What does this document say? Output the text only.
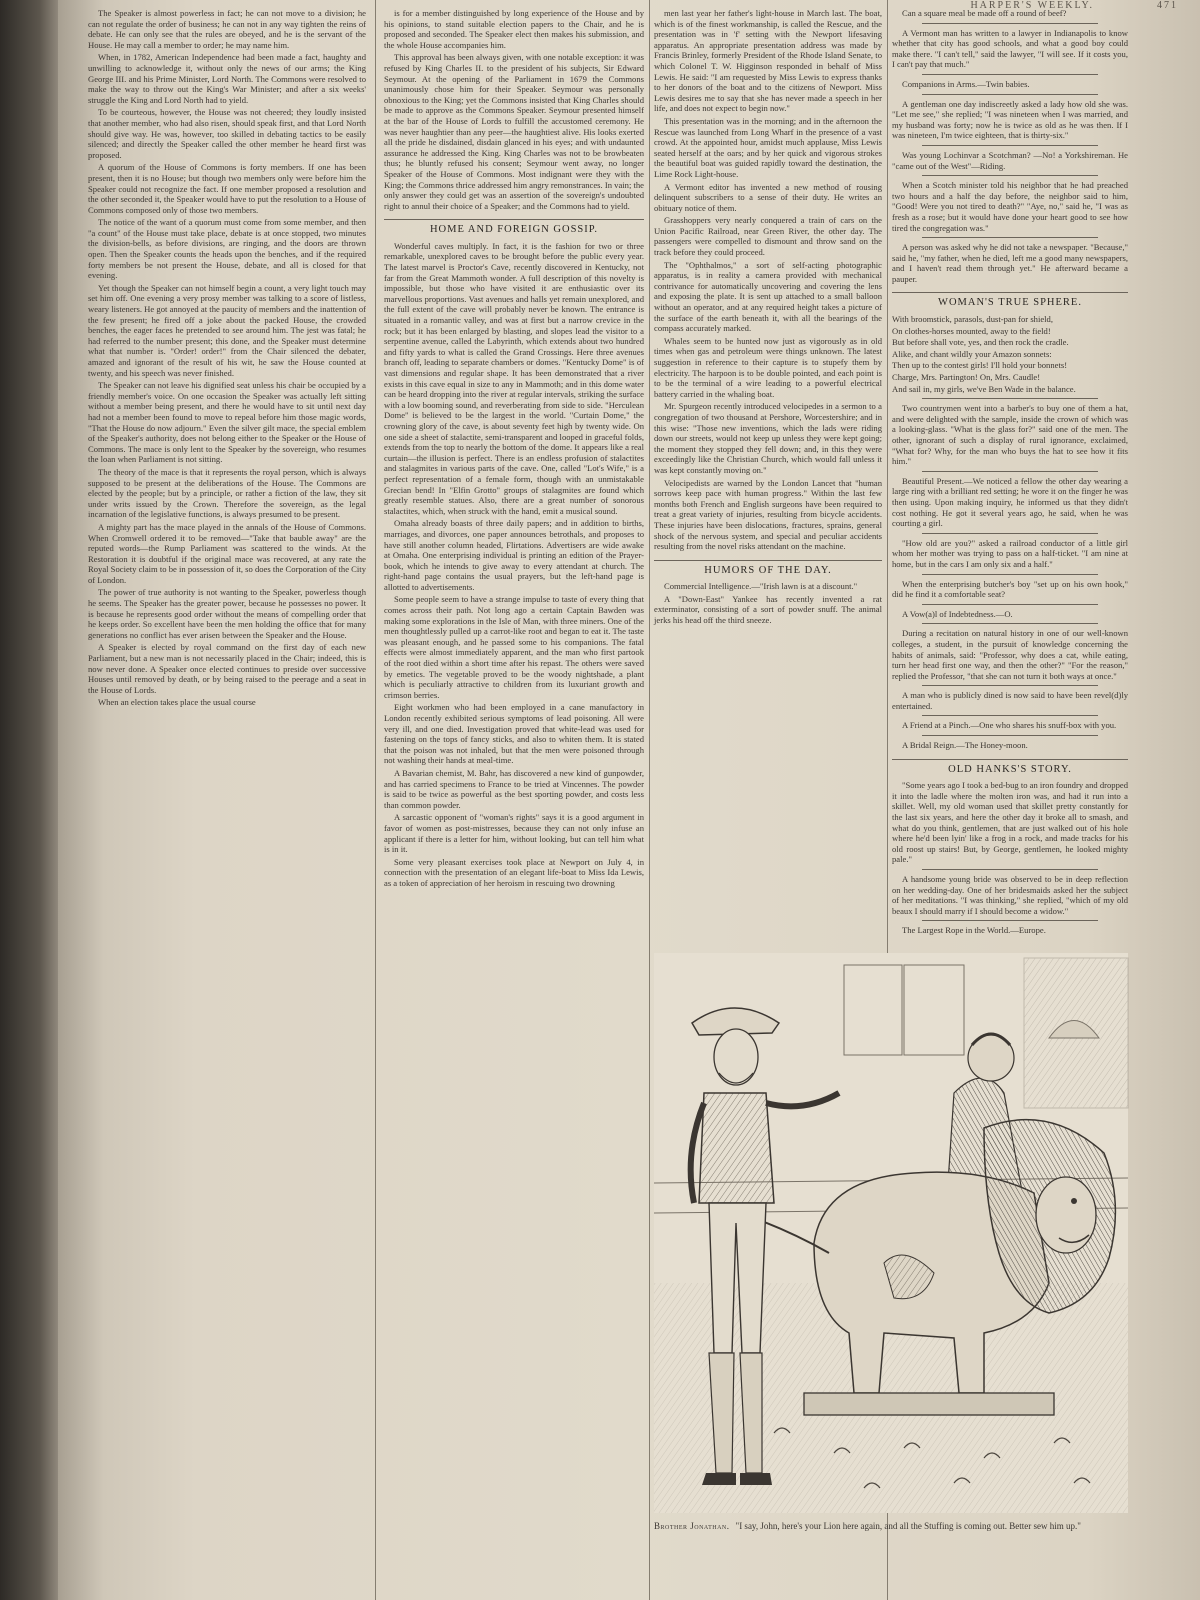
HARPER'S WEEKLY.	471

The Speaker is almost powerless in fact; he can not move to a division; he can not regulate the order of business; he can not in any way tighten the reins of debate. He can only see that the rules are obeyed, and he is the servant of the House. He may call a member to order; he may name him.

When, in 1782, American Independence had been made a fact, haughty and unwilling to acknowledge it, without only the news of our arms; the King George III. and his Prime Minister, Lord North. The Commons were resolved to make the way to throw out the King's War Minister; and after a six weeks' struggle the King and Lord North had to yield.

To be courteous, however, the House was not cheered; they loudly insisted that another member, who had also risen, should speak first, and that Lord North should give way. He was, however, too skilled in debating tactics to be easily silenced; and directly the Speaker called the other member he heard first was proposed.

A quorum of the House of Commons is forty members. If one has been present, then it is no House; but though two members only were before him the Speaker could not recognize the fact. If one member proposed a resolution and the other seconded it, the Speaker would have to put the resolution to a House of Commons composed only of those two members.

The notice of the want of a quorum must come from some member, and then "a count" of the House must take place, debate is at once stopped, two minutes the division-bells, as before divisions, are ringing, and the doors are thrown open. Then the Speaker counts the heads upon the benches, and if the required forty members be not present the House, debate, and all is closed for that evening.

Yet though the Speaker can not himself begin a count, a very light touch may set him off. One evening a very prosy member was talking to a score of listless, weary listeners. He got annoyed at the paucity of members and the inattention of the few present; he fired off a joke about the packed House, the crowded benches, the eager faces he pretended to see around him. The jest was fatal; he had referred to the number present; this done, and the Speaker must determine what that number is. "Order! order!" from the Chair silenced the debater, amazed and ignorant of the result of his wit, he saw the House counted at twenty, and his speech was never finished.

The Speaker can not leave his dignified seat unless his chair be occupied by a friendly member's voice. On one occasion the Speaker was actually left sitting without a member being present, and there he would have to sit until next day had not a member been found to move to repeal before him those magic words, "That the House do now adjourn." Even the silver gilt mace, the special emblem of the Speaker's authority, does not belong either to the Speaker or the House of Commons. The mace is only lent to the Speaker by the sovereign, who resumes the loan when Parliament is not sitting.

The theory of the mace is that it represents the royal person, which is always supposed to be present at the deliberations of the House. The Commons are elected by the people; but by a principle, or rather a fiction of the law, they sit under writs issued by the Crown. Therefore the sovereign, as the legal incarnation of the legislative functions, is always presumed to be present.

A mighty part has the mace played in the annals of the House of Commons. When Cromwell ordered it to be removed—"Take that bauble away" are the reputed words—the Rump Parliament was scattered to the winds. At the Restoration it is doubtful if the original mace was recovered, at any rate the Royal Society claim to be in possession of it, so does the Corporation of the City of London.

The power of true authority is not wanting to the Speaker, powerless though he seems. The Speaker has the greater power, because he possesses no power. It is because he represents good order without the means of compelling order that he keeps order. So excellent have been the men holding the office that for many generations no conflict has ever arisen between the Speaker and the House.

A Speaker is elected by royal command on the first day of each new Parliament, but a new man is not necessarily placed in the Chair; indeed, this is now never done. A Speaker once elected continues to preside over successive Houses until removed by death, or by being raised to the peerage and a seat in the House of Lords.

When an election takes place the usual course

is for a member distinguished by long experience of the House and by his opinions, to stand suitable election papers to the Chair, and he is proposed and seconded. The Speaker elect then makes his submission, and the whole House accompanies him.

This approval has been always given, with one notable exception: it was refused by King Charles II. to the president of his subjects, Sir Edward Seymour. At the opening of the Parliament in 1679 the Commons unanimously chose him for their Speaker. Seymour was personally obnoxious to the King; yet the Commons insisted that King Charles should be made to approve as the Commons Speaker. Seymour presented himself at the bar of the House of Lords to fulfill the accustomed ceremony. He was never haughtier than any peer—the haughtiest alive. His looks exerted all the pride he disdained, disdain glanced in his eyes; and with undaunted assurance he addressed the King. King Charles was not to be browbeaten thus; he bluntly refused his consent; Seymour went away, no longer Speaker of the House of Commons. Most indignant were they with the King; the Commons thrice addressed him angry remonstrances. In vain; the only answer they could get was an assertion of the sovereign's undoubted right to annul their choice of a Speaker; and the Commons had to yield.

HOME AND FOREIGN GOSSIP.

Wonderful caves multiply. In fact, it is the fashion for two or three remarkable, unexplored caves to be brought before the public every year. The latest marvel is Proctor's Cave, recently discovered in Kentucky, not far from the Great Mammoth wonder. A full description of this novelty is impossible, but those who have visited it are enthusiastic over its marvellous proportions. Vast avenues and halls yet remain unexplored, and the full extent of the cave will probably never be known. The entrance is situated in a romantic valley, and was at first but a narrow crevice in the rock; but it has been enlarged by blasting, and slopes lead the visitor to a serpentine avenue, called the Labyrinth, which extends about two hundred and fifty yards to what is called the Grand Crossings. Here three avenues branch off, leading to separate chambers or domes. "Kentucky Dome" is of vast dimensions and regular shape. It has been demonstrated that a river exists in this cave equal in size to any in Mammoth; and in this dome water can be heard dropping into the river at regular intervals, striking the surface with a low booming sound, and reverberating from side to side. "Herculean Dome" is believed to be the largest in the world. "Curtain Dome," the crowning glory of the cave, is about seventy feet high by twenty wide. On one side a sheet of stalactite, semi-transparent and looped in graceful folds, extends from the top to nearly the bottom of the dome. It appears like a real curtain—the illusion is perfect. There is an endless profusion of stalactites and stalagmites in various parts of the cave. One, called "Lot's Wife," is a perfect representation of a female form, though with an unmistakable Grecian bend! In "Elfin Grotto" groups of stalagmites are found which greatly resemble statues. Also, there are a great number of sonorous stalactites, which, when struck with the hand, emit a musical sound.

Omaha already boasts of three daily papers; and in addition to births, marriages, and divorces, one paper announces betrothals, and proposes to have still another column headed, Flirtations. Advertisers are wide awake at Omaha. One enterprising individual is printing an edition of the Prayer-book, which he intends to give away to every attendant at church. The right-hand page contains the usual prayers, but the left-hand page is allotted to advertisements.

Some people seem to have a strange impulse to taste of every thing that comes across their path. Not long ago a certain Captain Bawden was making some explorations in the Isle of Man, with three miners. One of the men thoughtlessly pulled up a carrot-like root and began to eat it. The taste was pleasant enough, and he passed some to his companions. The fatal effects were almost immediately apparent, and the man who first partook of the root died within a short time after his repast. The others were saved by emetics. The vegetable proved to be the woody nightshade, a plant which is peculiarly attractive to children from its luxuriant growth and crimson berries.

Eight workmen who had been employed in a cane manufactory in London recently exhibited serious symptoms of lead poisoning. All were very ill, and one died. Investigation proved that white-lead was used for fastening on the tops of fancy sticks, and also to whiten them. It is stated that the poison was not inhaled, but that the men were poisoned through not washing their hands at meal-time.

A Bavarian chemist, M. Bahr, has discovered a new kind of gunpowder, and has carried specimens to France to be tried at Vincennes. The powder is said to be twice as powerful as the best sporting powder, and costs less than common powder.

A sarcastic opponent of "woman's rights" says it is a good argument in favor of women as post-mistresses, because they can not only infuse an applicant if there is a letter for him, without looking, but can tell him what is in it.

Some very pleasant exercises took place at Newport on July 4, in connection with the presentation of an elegant life-boat to Miss Ida Lewis, as a token of appreciation of her heroism in rescuing two drowning

men last year her father's light-house in March last. The boat, which is of the finest workmanship, is called the Rescue, and the presentation was in 'f' setting with the Newport lifesaving apparatus. An appropriate presentation address was made by Francis Brinley, formerly President of the Rhode Island Senate, to which Colonel T. W. Higginson responded in behalf of Miss Lewis. He said: "I am requested by Miss Lewis to express thanks to her donors of the boat and to the citizens of Newport. Miss Lewis desires me to say that she has never made a speech in her life, and does not expect to begin now."

This presentation was in the morning; and in the afternoon the Rescue was launched from Long Wharf in the presence of a vast crowd. At the appointed hour, amidst much applause, Miss Lewis seated herself at the oars; and by her quick and vigorous strokes the beautiful boat was guided rapidly toward the destination, the Lime Rock Light-house.

A Vermont editor has invented a new method of rousing delinquent subscribers to a sense of their duty. He writes an obituary notice of them.

Grasshoppers very nearly conquered a train of cars on the Union Pacific Railroad, near Green River, the other day. The passengers were compelled to dismount and throw sand on the track before they could proceed.

The "Ophthalmos," a sort of self-acting photographic apparatus, is in reality a camera provided with mechanical contrivance for automatically uncovering and covering the lens and exposing the plate. It is sent up attached to a small balloon without an operator, and at any required height takes a picture of the surface of the earth beneath it, with all the bearings of the compass accurately marked.

Whales seem to be hunted now just as vigorously as in old times when gas and petroleum were things unknown. The latest suggestion in reference to their capture is to stupefy them by electricity. The harpoon is to be double pointed, and each point is to be the terminal of a wire leading to a powerful electrical battery carried in the whaling boat.

Mr. Spurgeon recently introduced velocipedes in a sermon to a congregation of two thousand at Pershore, Worcestershire; and in this wise: "Those new inventions, which the lads were riding down our streets, would not keep up unless they were kept going; the moment they stopped they fell down; and, in this they were exceedingly like the Christian Church, which would fall unless it was kept constantly moving on."

Velocipedists are warned by the London Lancet that "human sorrows keep pace with human progress." Within the last few months both French and English surgeons have been required to treat a great variety of injuries, resulting from bicycle accidents. These injuries have been dislocations, fractures, sprains, general shock of the nervous system, and special and peculiar accidents resulting from the novel risks attendant on the machine.

HUMORS OF THE DAY.

Commercial Intelligence.—"Irish lawn is at a discount."

A "Down-East" Yankee has recently invented a rat exterminator, consisting of a sort of powder snuff. The animal jerks his head off the third sneeze.

Can a square meal be made off a round of beef?

A Vermont man has written to a lawyer in Indianapolis to know whether that city has good schools, and what a good boy could make there. "I can't tell," said the lawyer, "I will see. If it costs you, I can't pay that much."

Companions in Arms.—Twin babies.

A gentleman one day indiscreetly asked a lady how old she was. "Let me see," she replied; "I was nineteen when I was married, and my husband was forty; now he is twice as old as he was then. If I was nineteen, I'm twice eighteen, that is thirty-six."

Was young Lochinvar a Scotchman? —No! a Yorkshireman. He "came out of the West"—Riding.

When a Scotch minister told his neighbor that he had preached two hours and a half the day before, the neighbor said to him, "Good! Were you not tired to death?" "Aye, no," said he, "I was as fresh as a rose; but it would have done your heart good to see how tired the congregation was."

A person was asked why he did not take a newspaper. "Because," said he, "my father, when he died, left me a good many newspapers, and I haven't read them through yet." He afterward became a pauper.

WOMAN'S TRUE SPHERE.
With broomstick, parasols, dust-pan for shield,
On clothes-horses mounted, away to the field!
But before shall vote, yes, and then rock the cradle.
Alike, and chant wildly your Amazon sonnets:
Then up to the contest girls! I'll hold your bonnets!
Charge, Mrs. Partington! On, Mrs. Caudle!
And sail in, my girls, we've Ben Wade in the balance.

Two countrymen went into a barber's to buy one of them a hat, and were delighted with the sample, inside the crown of which was a looking-glass. "What is the glass for?" said one of the men. The other, ignorant of such a display of rural ignorance, exclaimed, "What for? Why, for the man who buys the hat to see how it fits him."

Beautiful Present.—We noticed a fellow the other day wearing a large ring with a brilliant red setting; he wore it on the finger he was then using. Upon making inquiry, he informed us that they didn't cost nothing. He got it several years ago, he said, when he was courting a girl.

"How old are you?" asked a railroad conductor of a little girl whom her mother was trying to pass on a half-ticket. "I am nine at home, but in the cars I am only six and a half."

When the enterprising butcher's boy "set up on his own hook," did he find it a comfortable seat?

A Vow(a)l of Indebtedness.—O.

During a recitation on natural history in one of our well-known colleges, a student, in the pursuit of knowledge concerning the habits of animals, said: "Professor, why does a cat, while eating, turn her head first one way, and then the other?" "For the reason," replied the Professor, "that she can not turn it both ways at once."

A man who is publicly dined is now said to have been revel(d)ly entertained.

A Friend at a Pinch.—One who shares his snuff-box with you.

A Bridal Reign.—The Honey-moon.

OLD HANKS'S STORY.

"Some years ago I took a bed-bug to an iron foundry and dropped it into the ladle where the molten iron was, and had it run into a skillet. Well, my old woman used that skillet pretty constantly for the last six years, and here the other day it broke all to smash, and what do you think, gentlemen, that are just walked out of his hole where he'd been lyin' like a frog in a rock, and made tracks for his old roost up stairs! But, by George, gentlemen, he looked mighty pale."

A handsome young bride was observed to be in deep reflection on her wedding-day. One of her bridesmaids asked her the subject of her meditations. "I was thinking," she replied, "which of my old beaux I should marry if I should become a widow."

The Largest Rope in the World.—Europe.

Brother Jonathan. "I say, John, here's your Lion here again, and all the Stuffing is coming out. Better sew him up."
